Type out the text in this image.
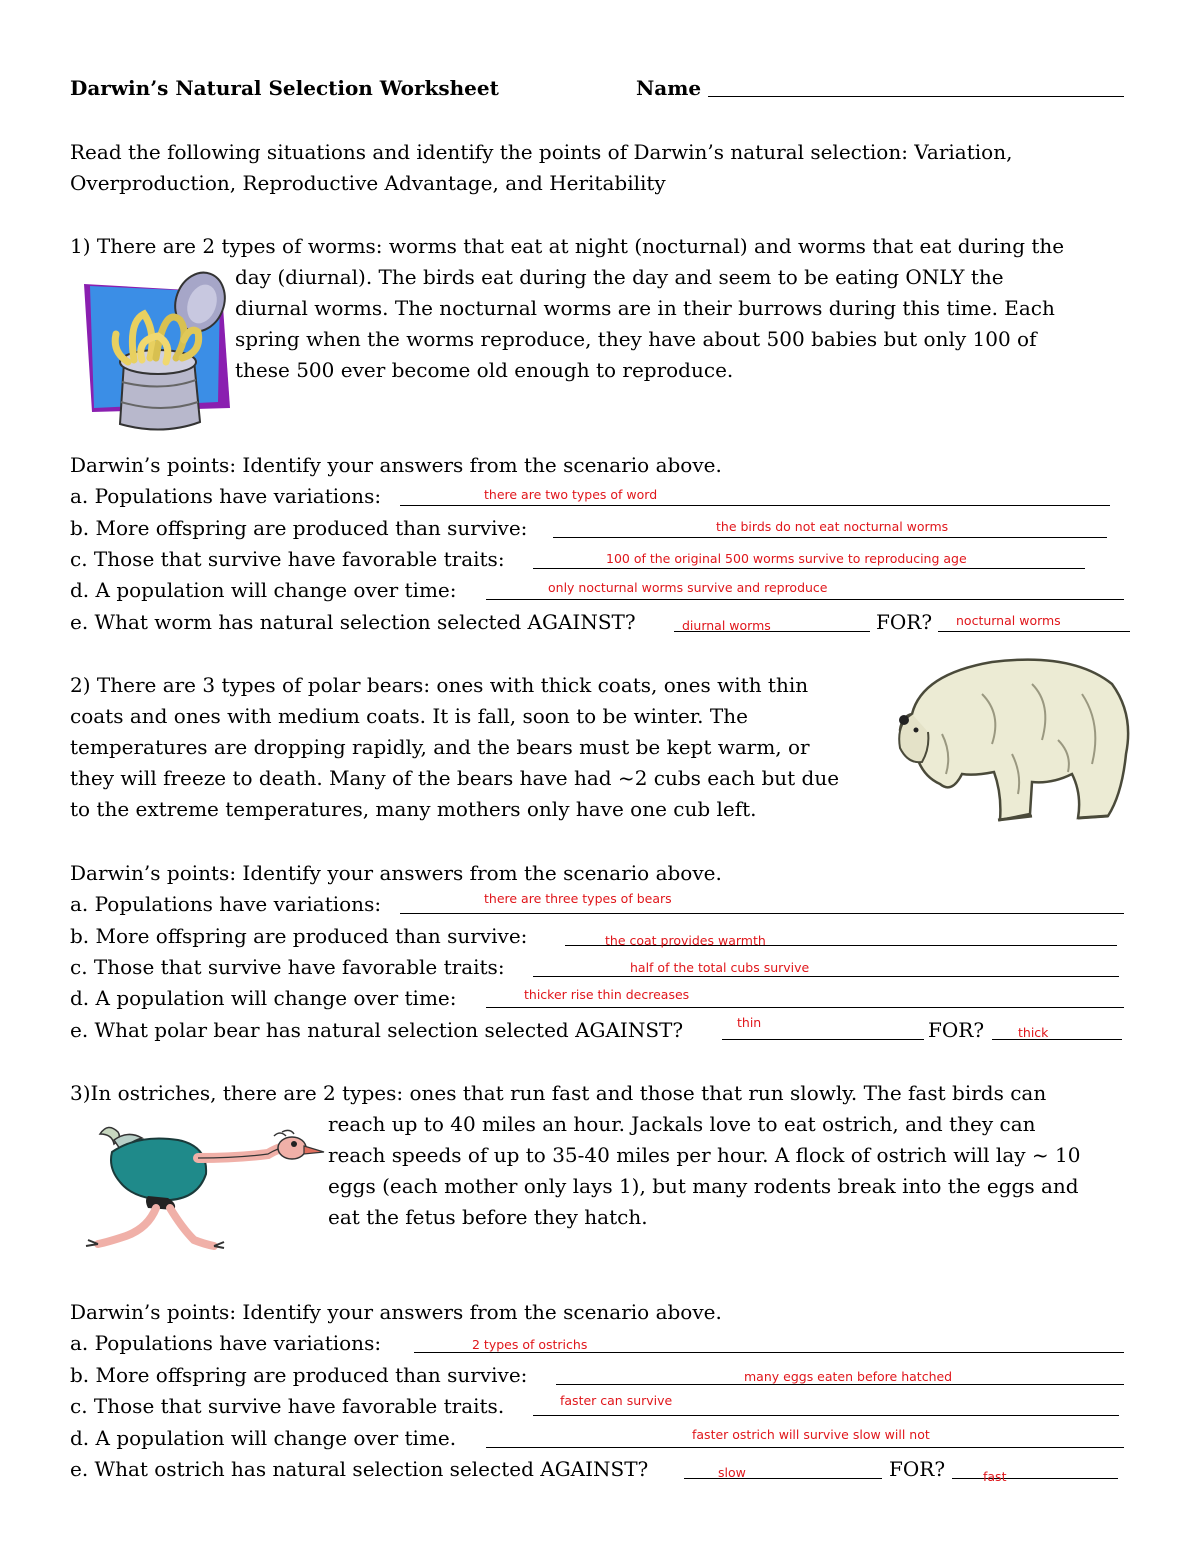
Darwin’s Natural Selection Worksheet	Name
Read the following situations and identify the points of Darwin’s natural selection: Variation,
Overproduction, Reproductive Advantage, and Heritability
1) There are 2 types of worms: worms that eat at night (nocturnal) and worms that eat during the
day (diurnal). The birds eat during the day and seem to be eating ONLY the
diurnal worms. The nocturnal worms are in their burrows during this time. Each
spring when the worms reproduce, they have about 500 babies but only 100 of
these 500 ever become old enough to reproduce.
Darwin’s points: Identify your answers from the scenario above.
a. Populations have variations:	there are two types of word
b. More offspring are produced than survive:	the birds do not eat nocturnal worms
c. Those that survive have favorable traits:	100 of the original 500 worms survive to reproducing age
d. A population will change over time:	only nocturnal worms survive and reproduce
e. What worm has natural selection selected AGAINST?	diurnal worms	FOR? nocturnal worms
2) There are 3 types of polar bears: ones with thick coats, ones with thin
coats and ones with medium coats. It is fall, soon to be winter. The
temperatures are dropping rapidly, and the bears must be kept warm, or
they will freeze to death. Many of the bears have had ~2 cubs each but due
to the extreme temperatures, many mothers only have one cub left.
Darwin’s points: Identify your answers from the scenario above.
a. Populations have variations:	there are three types of bears
b. More offspring are produced than survive:	the coat provides warmth
c. Those that survive have favorable traits:	half of the total cubs survive
d. A population will change over time:	thicker rise thin decreases
e. What polar bear has natural selection selected AGAINST?	thin	FOR?	thick
3)In ostriches, there are 2 types: ones that run fast and those that run slowly. The fast birds can
reach up to 40 miles an hour. Jackals love to eat ostrich, and they can
reach speeds of up to 35-40 miles per hour. A flock of ostrich will lay ~ 10
eggs (each mother only lays 1), but many rodents break into the eggs and
eat the fetus before they hatch.
Darwin’s points: Identify your answers from the scenario above.
a. Populations have variations:	2 types of ostrichs
b. More offspring are produced than survive:	many eggs eaten before hatched
c. Those that survive have favorable traits.	faster can survive
d. A population will change over time.	faster ostrich will survive slow will not
e. What ostrich has natural selection selected AGAINST?	slow	FOR?	fast
